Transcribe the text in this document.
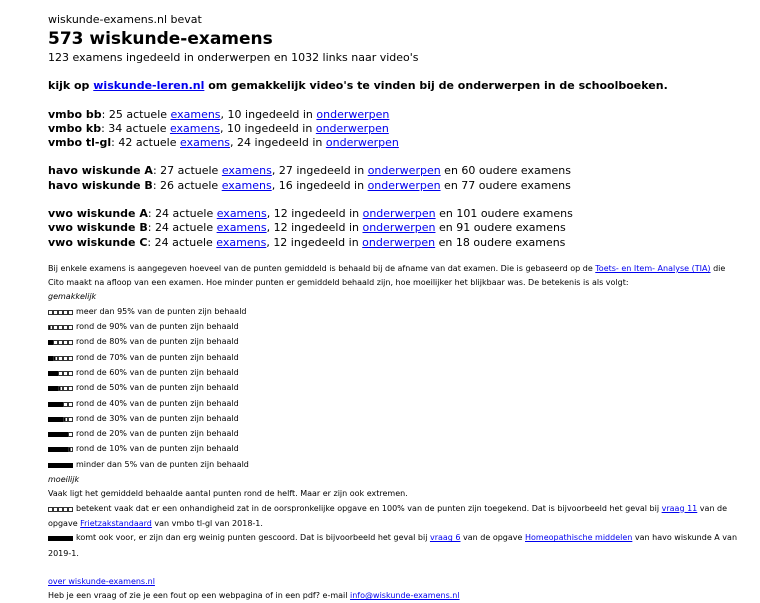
wiskunde-examens.nl bevat
573 wiskunde-examens
123 examens ingedeeld in onderwerpen en 1032 links naar video's
kijk op wiskunde-leren.nl om gemakkelijk video's te vinden bij de onderwerpen in de schoolboeken.
vmbo bb: 25 actuele examens, 10 ingedeeld in onderwerpen
vmbo kb: 34 actuele examens, 10 ingedeeld in onderwerpen
vmbo tl-gl: 42 actuele examens, 24 ingedeeld in onderwerpen
havo wiskunde A: 27 actuele examens, 27 ingedeeld in onderwerpen en 60 oudere examens
havo wiskunde B: 26 actuele examens, 16 ingedeeld in onderwerpen en 77 oudere examens
vwo wiskunde A: 24 actuele examens, 12 ingedeeld in onderwerpen en 101 oudere examens
vwo wiskunde B: 24 actuele examens, 12 ingedeeld in onderwerpen en 91 oudere examens
vwo wiskunde C: 24 actuele examens, 12 ingedeeld in onderwerpen en 18 oudere examens
Bij enkele examens is aangegeven hoeveel van de punten gemiddeld is behaald bij de afname van dat examen. Die is gebaseerd op de Toets- en Item- Analyse (TIA) die Cito maakt na afloop van een examen. Hoe minder punten er gemiddeld behaald zijn, hoe moeilijker het blijkbaar was. De betekenis is als volgt:
gemakkelijk
meer dan 95% van de punten zijn behaald
rond de 90% van de punten zijn behaald
rond de 80% van de punten zijn behaald
rond de 70% van de punten zijn behaald
rond de 60% van de punten zijn behaald
rond de 50% van de punten zijn behaald
rond de 40% van de punten zijn behaald
rond de 30% van de punten zijn behaald
rond de 20% van de punten zijn behaald
rond de 10% van de punten zijn behaald
minder dan 5% van de punten zijn behaald
moeilijk
Vaak ligt het gemiddeld behaalde aantal punten rond de helft. Maar er zijn ook extremen.
betekent vaak dat er een onhandigheid zat in de oorspronkelijke opgave en 100% van de punten zijn toegekend. Dat is bijvoorbeeld het geval bij vraag 11 van de opgave Frietzakstandaard van vmbo tl-gl van 2018-1.
komt ook voor, er zijn dan erg weinig punten gescoord. Dat is bijvoorbeeld het geval bij vraag 6 van de opgave Homeopathische middelen van havo wiskunde A van 2019-1.
over wiskunde-examens.nl
Heb je een vraag of zie je een fout op een webpagina of in een pdf? e-mail info@wiskunde-examens.nl
